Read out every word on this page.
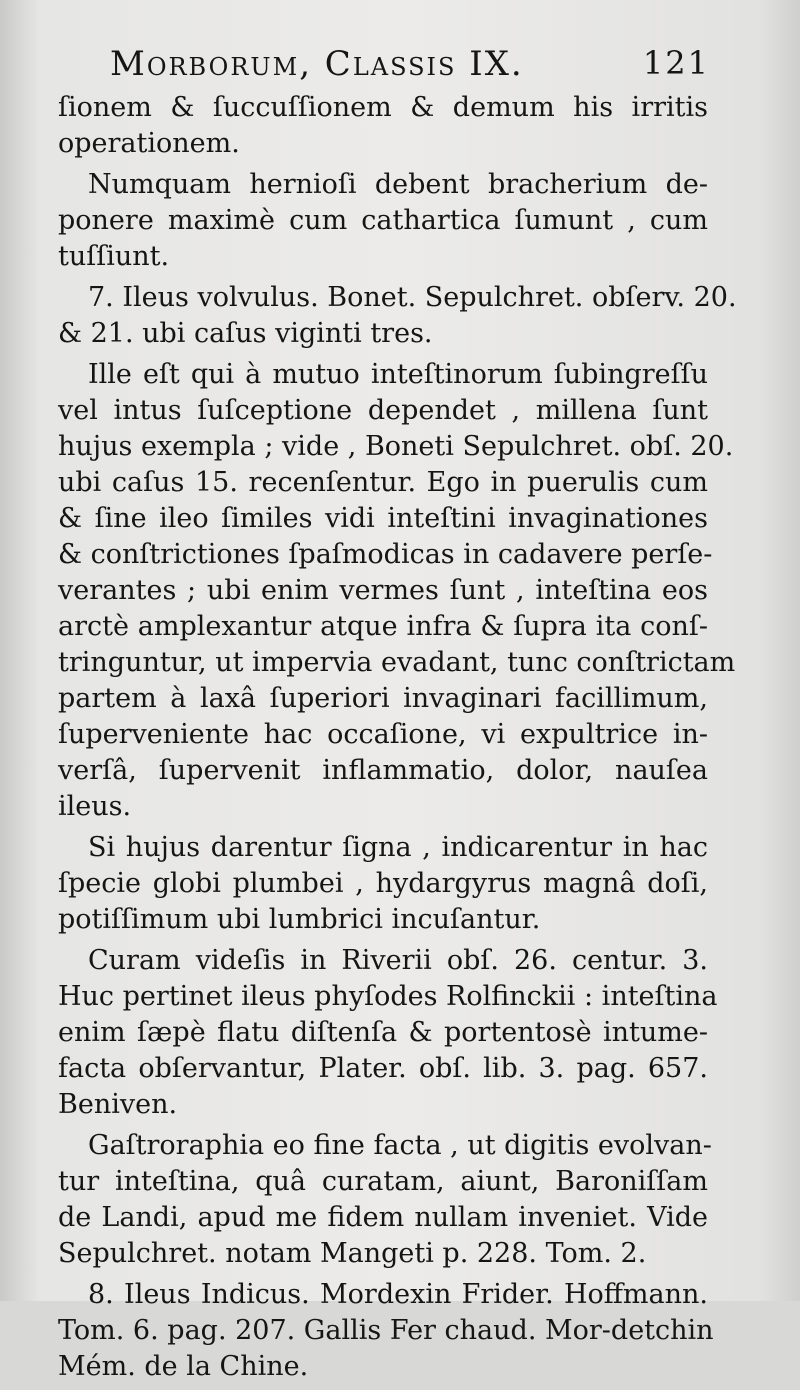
Morborum, Classis IX.	121
ſionem & ſuccuſſionem & demum his irritis
operationem.
Numquam hernioſi debent bracherium de-
ponere maximè cum cathartica ſumunt , cum
tuſſiunt.
7. Ileus volvulus. Bonet. Sepulchret. obſerv. 20.
& 21. ubi caſus viginti tres.
Ille eſt qui à mutuo inteſtinorum ſubingreſſu
vel intus ſuſceptione dependet , millena ſunt
hujus exempla ; vide , Boneti Sepulchret. obſ. 20.
ubi caſus 15. recenſentur. Ego in puerulis cum
& ſine ileo ſimiles vidi inteſtini invaginationes
& conſtrictiones ſpaſmodicas in cadavere perſe-
verantes ; ubi enim vermes ſunt , inteſtina eos
arctè amplexantur atque infra & ſupra ita conſ-
tringuntur, ut impervia evadant, tunc conſtrictam
partem à laxâ ſuperiori invaginari facillimum,
ſuperveniente hac occaſione, vi expultrice in-
verſâ, ſupervenit inflammatio, dolor, nauſea
ileus.
Si hujus darentur ſigna , indicarentur in hac
ſpecie globi plumbei , hydargyrus magnâ doſi,
potiſſimum ubi lumbrici incuſantur.
Curam videſis in Riverii obſ. 26. centur. 3.
Huc pertinet ileus phyſodes Rolfinckii : inteſtina
enim ſæpè flatu diſtenſa & portentosè intume-
facta obſervantur, Plater. obſ. lib. 3. pag. 657.
Beniven.
Gaſtroraphia eo fine facta , ut digitis evolvan-
tur inteſtina, quâ curatam, aiunt, Baroniſſam
de Landi, apud me fidem nullam inveniet. Vide
Sepulchret. notam Mangeti p. 228. Tom. 2.
8. Ileus Indicus. Mordexin Frider. Hoffmann.
Tom. 6. pag. 207. Gallis Fer chaud. Mor-detchin
Mém. de la Chine.
